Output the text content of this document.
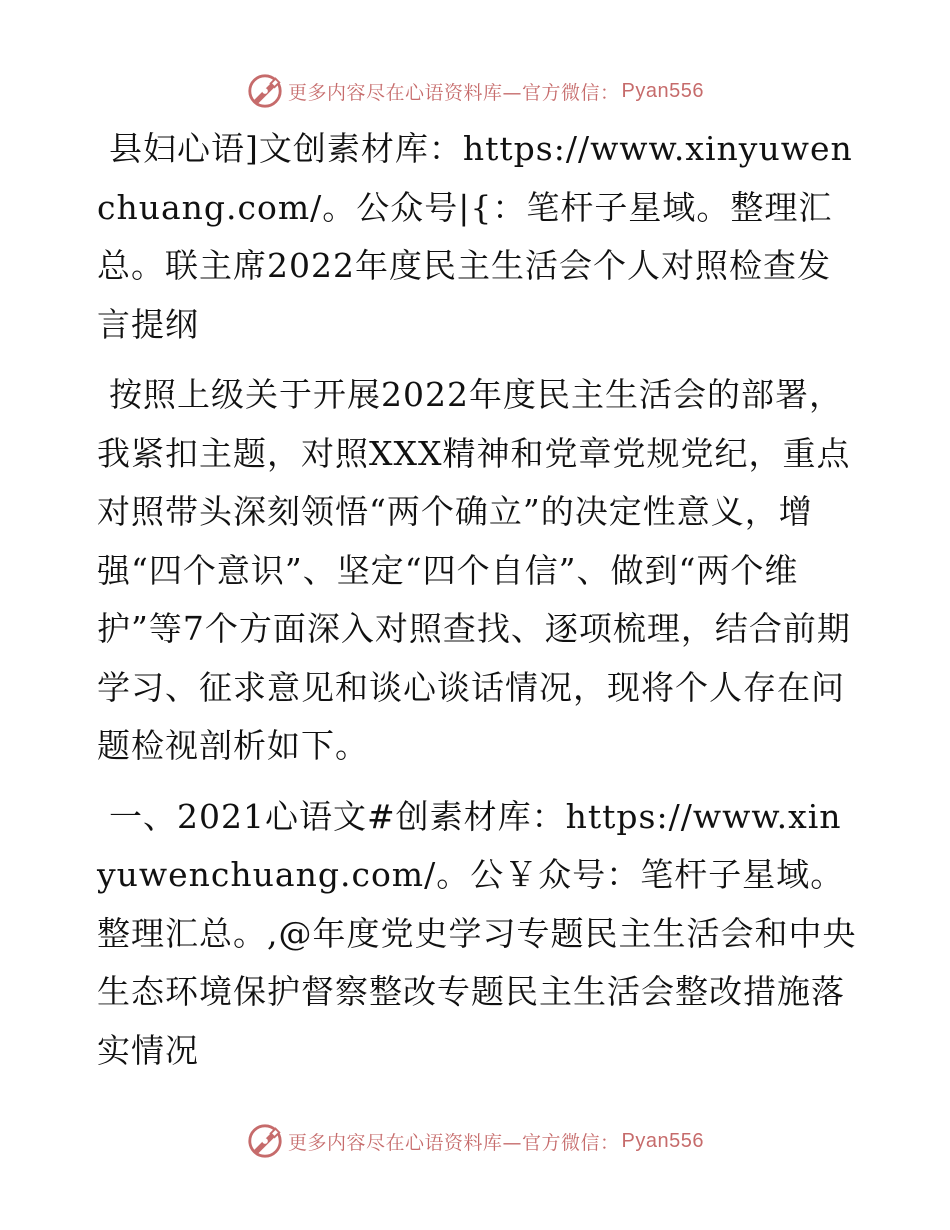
更多内容尽在心语资料库—官方微信： Pyan556

县妇心语]文创素材库：https://www.xinyuwenchuang.com/。公众号|{：笔杆子星域。整理汇总。联主席2022年度民主生活会个人对照检查发言提纲

按照上级关于开展2022年度民主生活会的部署，我紧扣主题，对照XXX精神和党章党规党纪，重点对照带头深刻领悟“两个确立”的决定性意义，增强“四个意识”、坚定“四个自信”、做到“两个维护”等7个方面深入对照查找、逐项梳理，结合前期学习、征求意见和谈心谈话情况，现将个人存在问题检视剖析如下。

一、2021心语文#创素材库：https://www.xinyuwenchuang.com/。公￥众号：笔杆子星域。整理汇总。,@年度党史学习专题民主生活会和中央生态环境保护督察整改专题民主生活会整改措施落实情况

更多内容尽在心语资料库—官方微信： Pyan556
